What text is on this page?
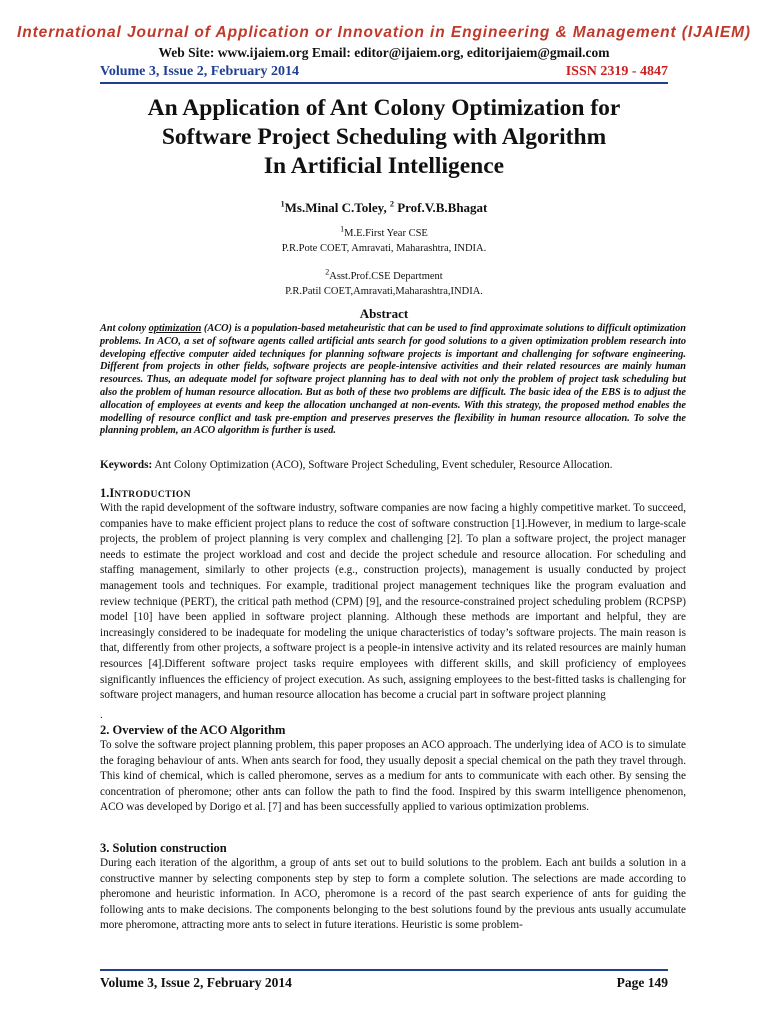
International Journal of Application or Innovation in Engineering & Management (IJAIEM)
Web Site: www.ijaiem.org Email: editor@ijaiem.org, editorijaiem@gmail.com
Volume 3, Issue 2, February 2014	ISSN 2319 - 4847
An Application of Ant Colony Optimization for
Software Project Scheduling with Algorithm
In Artificial Intelligence
$^1$Ms.Minal C.Toley, $^2$ Prof.V.B.Bhagat
$^1$M.E.First Year CSE
P.R.Pote COET, Amravati, Maharashtra, INDIA.
$^2$Asst.Prof.CSE Department
P.R.Patil COET,Amravati,Maharashtra,INDIA.
Abstract
Ant colony optimization (ACO) is a population-based metaheuristic that can be used to find approximate solutions to difficult optimization problems. In ACO, a set of software agents called artificial ants search for good solutions to a given optimization problem research into developing effective computer aided techniques for planning software projects is important and challenging for software engineering. Different from projects in other fields, software projects are people-intensive activities and their related resources are mainly human resources. Thus, an adequate model for software project planning has to deal with not only the problem of project task scheduling but also the problem of human resource allocation. But as both of these two problems are difficult. The basic idea of the EBS is to adjust the allocation of employees at events and keep the allocation unchanged at non-events. With this strategy, the proposed method enables the modelling of resource conflict and task pre-emption and preserves preserves the flexibility in human resource allocation. To solve the planning problem, an ACO algorithm is further is used.
Keywords: Ant Colony Optimization (ACO), Software Project Scheduling, Event scheduler, Resource Allocation.
1.INTRODUCTION
With the rapid development of the software industry, software companies are now facing a highly competitive market. To succeed, companies have to make efficient project plans to reduce the cost of software construction [1].However, in medium to large-scale projects, the problem of project planning is very complex and challenging [2]. To plan a software project, the project manager needs to estimate the project workload and cost and decide the project schedule and resource allocation. For scheduling and staffing management, similarly to other projects (e.g., construction projects), management is usually conducted by project management tools and techniques. For example, traditional project management techniques like the program evaluation and review technique (PERT), the critical path method (CPM) [9], and the resource-constrained project scheduling problem (RCPSP) model [10] have been applied in software project planning. Although these methods are important and helpful, they are increasingly considered to be inadequate for modeling the unique characteristics of today’s software projects. The main reason is that, differently from other projects, a software project is a people-in intensive activity and its related resources are mainly human resources [4].Different software project tasks require employees with different skills, and skill proficiency of employees significantly influences the efficiency of project execution. As such, assigning employees to the best-fitted tasks is challenging for software project managers, and human resource allocation has become a crucial part in software project planning
.
2. Overview of the ACO Algorithm
To solve the software project planning problem, this paper proposes an ACO approach. The underlying idea of ACO is to simulate the foraging behaviour of ants. When ants search for food, they usually deposit a special chemical on the path they travel through. This kind of chemical, which is called pheromone, serves as a medium for ants to communicate with each other. By sensing the concentration of pheromone; other ants can follow the path to find the food. Inspired by this swarm intelligence phenomenon, ACO was developed by Dorigo et al. [7] and has been successfully applied to various optimization problems.
3. Solution construction
During each iteration of the algorithm, a group of ants set out to build solutions to the problem. Each ant builds a solution in a constructive manner by selecting components step by step to form a complete solution. The selections are made according to pheromone and heuristic information. In ACO, pheromone is a record of the past search experience of ants for guiding the following ants to make decisions. The components belonging to the best solutions found by the previous ants usually accumulate more pheromone, attracting more ants to select in future iterations. Heuristic is some problem-
Volume 3, Issue 2, February 2014	Page 149
